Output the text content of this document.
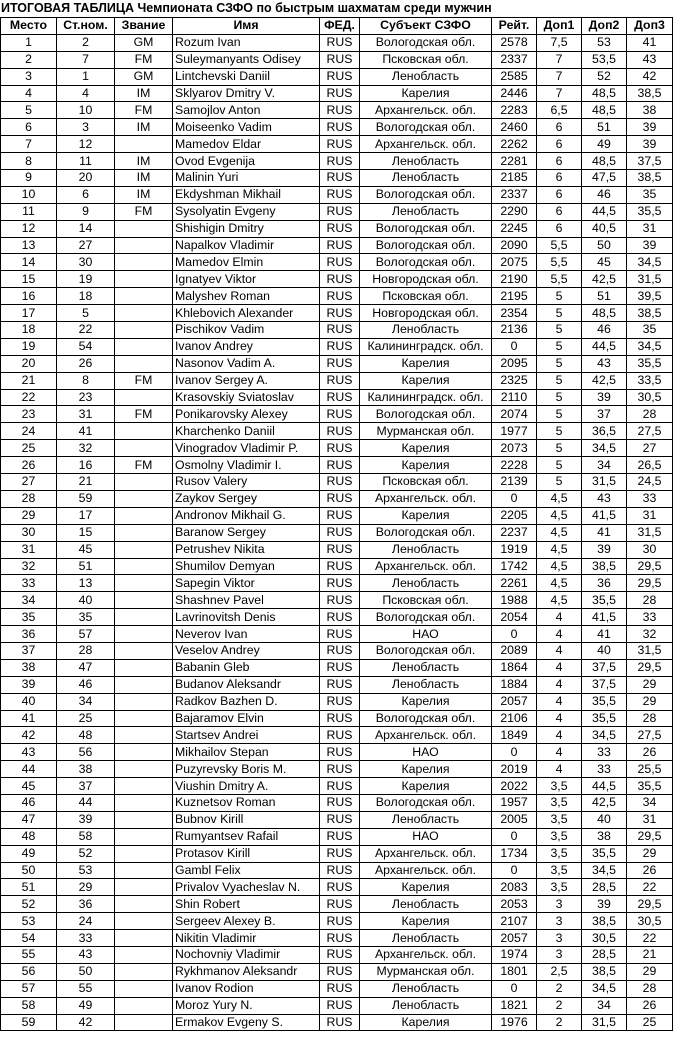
ИТОГОВАЯ ТАБЛИЦА Чемпионата СЗФО по быстрым шахматам среди мужчин
Место	Ст.ном.	Звание	Имя	ФЕД.	Субъект СЗФО	Рейт.	Доп1	Доп2	Доп3
1	2	GM	Rozum Ivan	RUS	Вологодская обл.	2578	7,5	53	41
2	7	FM	Suleymanyants Odisey	RUS	Псковская обл.	2337	7	53,5	43
3	1	GM	Lintchevski Daniil	RUS	Ленобласть	2585	7	52	42
4	4	IM	Sklyarov Dmitry V.	RUS	Карелия	2446	7	48,5	38,5
5	10	FM	Samojlov Anton	RUS	Архангельск. обл.	2283	6,5	48,5	38
6	3	IM	Moiseenko Vadim	RUS	Вологодская обл.	2460	6	51	39
7	12		Mamedov Eldar	RUS	Архангельск. обл.	2262	6	49	39
8	11	IM	Ovod Evgenija	RUS	Ленобласть	2281	6	48,5	37,5
9	20	IM	Malinin Yuri	RUS	Ленобласть	2185	6	47,5	38,5
10	6	IM	Ekdyshman Mikhail	RUS	Вологодская обл.	2337	6	46	35
11	9	FM	Sysolyatin Evgeny	RUS	Ленобласть	2290	6	44,5	35,5
12	14		Shishigin Dmitry	RUS	Вологодская обл.	2245	6	40,5	31
13	27		Napalkov Vladimir	RUS	Вологодская обл.	2090	5,5	50	39
14	30		Mamedov Elmin	RUS	Вологодская обл.	2075	5,5	45	34,5
15	19		Ignatyev Viktor	RUS	Новгородская обл.	2190	5,5	42,5	31,5
16	18		Malyshev Roman	RUS	Псковская обл.	2195	5	51	39,5
17	5		Khlebovich Alexander	RUS	Новгородская обл.	2354	5	48,5	38,5
18	22		Pischikov Vadim	RUS	Ленобласть	2136	5	46	35
19	54		Ivanov Andrey	RUS	Калининградск. обл.	0	5	44,5	34,5
20	26		Nasonov Vadim A.	RUS	Карелия	2095	5	43	35,5
21	8	FM	Ivanov Sergey A.	RUS	Карелия	2325	5	42,5	33,5
22	23		Krasovskiy Sviatoslav	RUS	Калининградск. обл.	2110	5	39	30,5
23	31	FM	Ponikarovsky Alexey	RUS	Вологодская обл.	2074	5	37	28
24	41		Kharchenko Daniil	RUS	Мурманская обл.	1977	5	36,5	27,5
25	32		Vinogradov Vladimir P.	RUS	Карелия	2073	5	34,5	27
26	16	FM	Osmolny Vladimir I.	RUS	Карелия	2228	5	34	26,5
27	21		Rusov Valery	RUS	Псковская обл.	2139	5	31,5	24,5
28	59		Zaykov Sergey	RUS	Архангельск. обл.	0	4,5	43	33
29	17		Andronov Mikhail G.	RUS	Карелия	2205	4,5	41,5	31
30	15		Baranow Sergey	RUS	Вологодская обл.	2237	4,5	41	31,5
31	45		Petrushev Nikita	RUS	Ленобласть	1919	4,5	39	30
32	51		Shumilov Demyan	RUS	Архангельск. обл.	1742	4,5	38,5	29,5
33	13		Sapegin Viktor	RUS	Ленобласть	2261	4,5	36	29,5
34	40		Shashnev Pavel	RUS	Псковская обл.	1988	4,5	35,5	28
35	35		Lavrinovitsh Denis	RUS	Вологодская обл.	2054	4	41,5	33
36	57		Neverov Ivan	RUS	НАО	0	4	41	32
37	28		Veselov Andrey	RUS	Вологодская обл.	2089	4	40	31,5
38	47		Babanin Gleb	RUS	Ленобласть	1864	4	37,5	29,5
39	46		Budanov Aleksandr	RUS	Ленобласть	1884	4	37,5	29
40	34		Radkov Bazhen D.	RUS	Карелия	2057	4	35,5	29
41	25		Bajaramov Elvin	RUS	Вологодская обл.	2106	4	35,5	28
42	48		Startsev Andrei	RUS	Архангельск. обл.	1849	4	34,5	27,5
43	56		Mikhailov Stepan	RUS	НАО	0	4	33	26
44	38		Puzyrevsky Boris M.	RUS	Карелия	2019	4	33	25,5
45	37		Viushin Dmitry A.	RUS	Карелия	2022	3,5	44,5	35,5
46	44		Kuznetsov Roman	RUS	Вологодская обл.	1957	3,5	42,5	34
47	39		Bubnov Kirill	RUS	Ленобласть	2005	3,5	40	31
48	58		Rumyantsev Rafail	RUS	НАО	0	3,5	38	29,5
49	52		Protasov Kirill	RUS	Архангельск. обл.	1734	3,5	35,5	29
50	53		Gambl Felix	RUS	Архангельск. обл.	0	3,5	34,5	26
51	29		Privalov Vyacheslav N.	RUS	Карелия	2083	3,5	28,5	22
52	36		Shin Robert	RUS	Ленобласть	2053	3	39	29,5
53	24		Sergeev Alexey B.	RUS	Карелия	2107	3	38,5	30,5
54	33		Nikitin Vladimir	RUS	Ленобласть	2057	3	30,5	22
55	43		Nochovniy Vladimir	RUS	Архангельск. обл.	1974	3	28,5	21
56	50		Rykhmanov Aleksandr	RUS	Мурманская обл.	1801	2,5	38,5	29
57	55		Ivanov Rodion	RUS	Ленобласть	0	2	34,5	28
58	49		Moroz Yury N.	RUS	Ленобласть	1821	2	34	26
59	42		Ermakov Evgeny S.	RUS	Карелия	1976	2	31,5	25
